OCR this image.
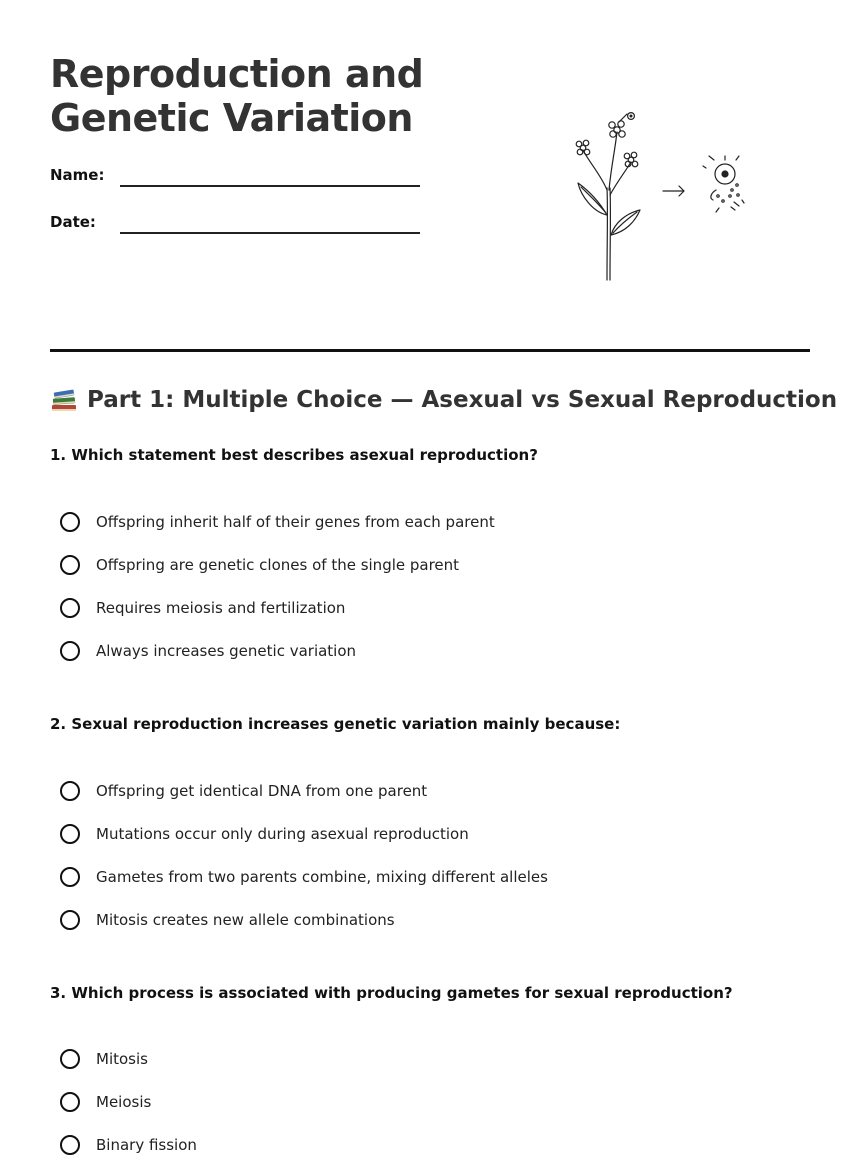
Reproduction and
Genetic Variation
Name:
Date:
Part 1: Multiple Choice — Asexual vs Sexual Reproduction

1. Which statement best describes asexual reproduction?

Offspring inherit half of their genes from each parent
Offspring are genetic clones of the single parent
Requires meiosis and fertilization
Always increases genetic variation

2. Sexual reproduction increases genetic variation mainly because:

Offspring get identical DNA from one parent
Mutations occur only during asexual reproduction
Gametes from two parents combine, mixing different alleles
Mitosis creates new allele combinations

3. Which process is associated with producing gametes for sexual reproduction?

Mitosis
Meiosis
Binary fission
